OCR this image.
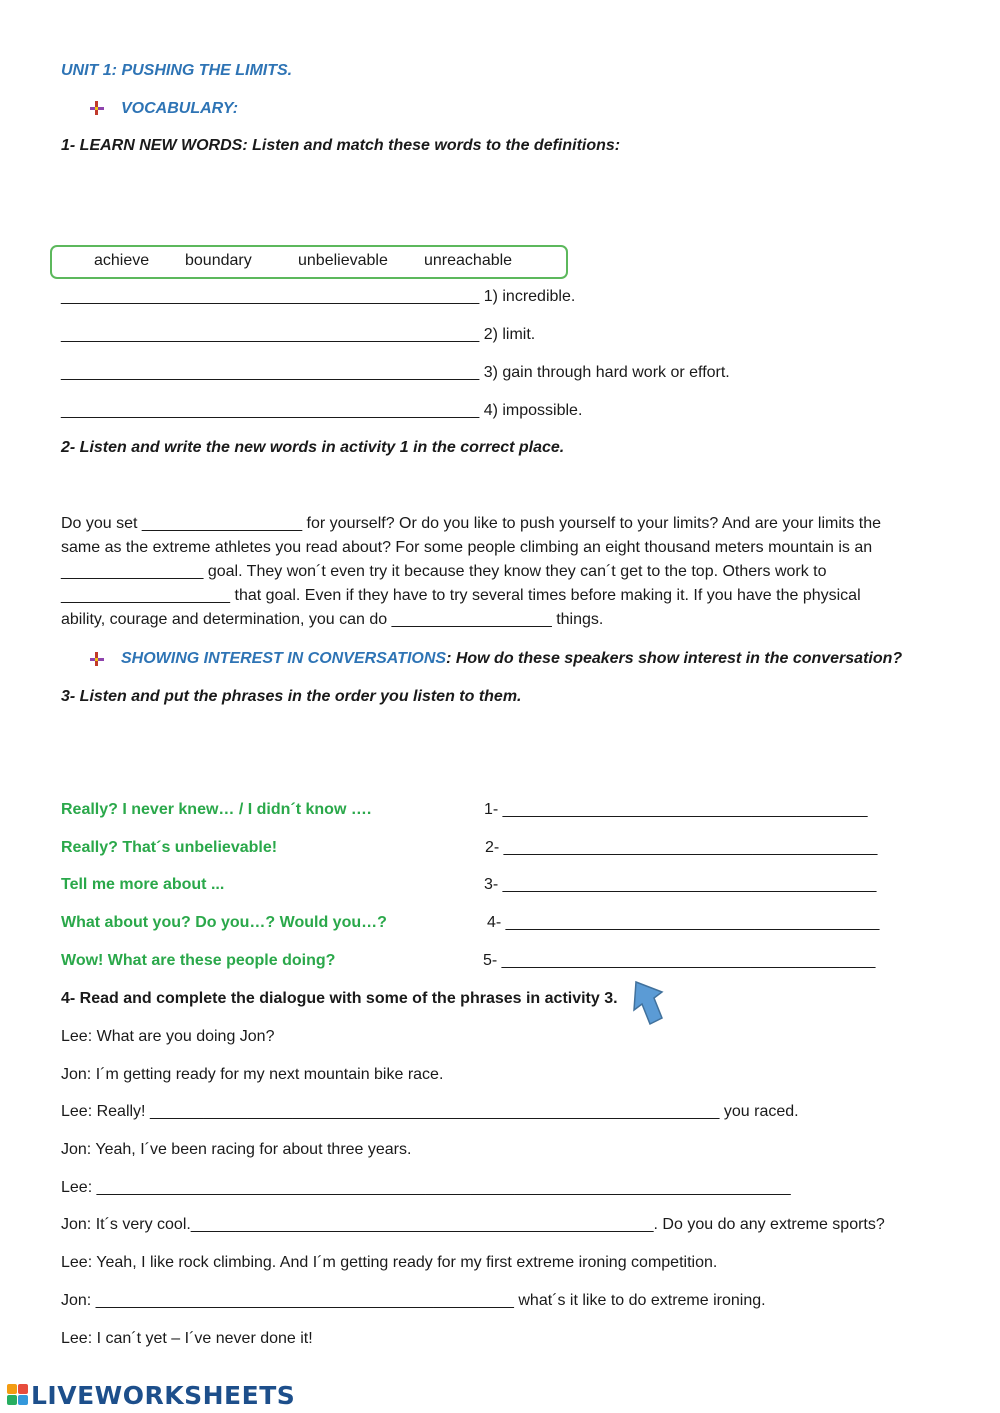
UNIT 1: PUSHING THE LIMITS.
VOCABULARY:
1- LEARN NEW WORDS: Listen and match these words to the definitions:
achieve boundary	unbelievable unreachable
_______________________________________________ 1) incredible.
_______________________________________________ 2) limit.
_______________________________________________ 3) gain through hard work or effort.
_______________________________________________ 4) impossible.
2- Listen and write the new words in activity 1 in the correct place.
Do you set __________________ for yourself? Or do you like to push yourself to your limits? And are your limits the
same as the extreme athletes you read about? For some people climbing an eight thousand meters mountain is an
________________ goal. They won´t even try it because they know they can´t get to the top. Others work to
___________________ that goal. Even if they have to try several times before making it. If you have the physical
ability, courage and determination, you can do __________________ things.
SHOWING INTEREST IN CONVERSATIONS: How do these speakers show interest in the conversation?
3- Listen and put the phrases in the order you listen to them.
Really? I never knew… / I didn´t know ….
Really? That´s unbelievable!
Tell me more about ...
What about you? Do you…? Would you…?
Wow! What are these people doing?
1- _________________________________________
2- __________________________________________
3- __________________________________________
4- __________________________________________
5- __________________________________________
4- Read and complete the dialogue with some of the phrases in activity 3.
Lee: What are you doing Jon?
Jon: I´m getting ready for my next mountain bike race.
Lee: Really! ________________________________________________________________ you raced.
Jon: Yeah, I´ve been racing for about three years.
Lee: ______________________________________________________________________________
Jon: It´s very cool.____________________________________________________. Do you do any extreme sports?
Lee: Yeah, I like rock climbing. And I´m getting ready for my first extreme ironing competition.
Jon: _______________________________________________ what´s it like to do extreme ironing.
Lee: I can´t yet – I´ve never done it!
LIVEWORKSHEETS
